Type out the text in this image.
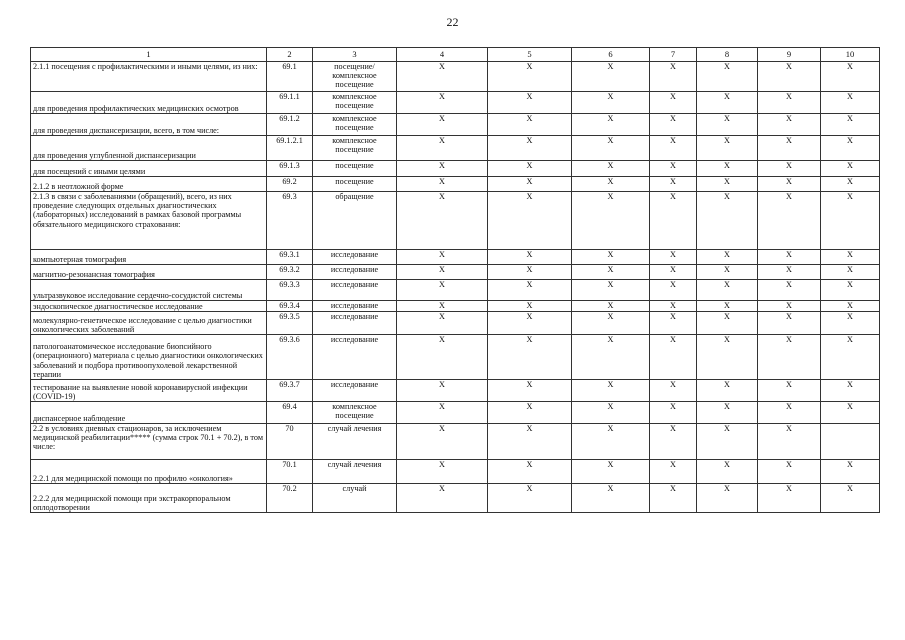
22
1	2	3	4	5	6	7	8	9	10
2.1.1 посещения с профилактическими и иными целями, из них:	69.1	посещение/ комплексное посещение	X	X	X	X	X	X	X
для проведения профилактических медицинских осмотров	69.1.1	комплексное посещение	X	X	X	X	X	X	X
для проведения диспансеризации, всего, в том числе:	69.1.2	комплексное посещение	X	X	X	X	X	X	X
для проведения углубленной диспансеризации	69.1.2.1	комплексное посещение	X	X	X	X	X	X	X
для посещений с иными целями	69.1.3	посещение	X	X	X	X	X	X	X
2.1.2 в неотложной форме	69.2	посещение	X	X	X	X	X	X	X
2.1.3 в связи с заболеваниями (обращений), всего, из них проведение следующих отдельных диагностических (лабораторных) исследований в рамках базовой программы обязательного медицинского страхования:	69.3	обращение	X	X	X	X	X	X	X
компьютерная томография	69.3.1	исследование	X	X	X	X	X	X	X
магнитно-резонансная томография	69.3.2	исследование	X	X	X	X	X	X	X
ультразвуковое исследование сердечно-сосудистой системы	69.3.3	исследование	X	X	X	X	X	X	X
эндоскопическое диагностическое исследование	69.3.4	исследование	X	X	X	X	X	X	X
молекулярно-генетическое исследование с целью диагностики онкологических заболеваний	69.3.5	исследование	X	X	X	X	X	X	X
патологоанатомическое исследование биопсийного (операционного) материала с целью диагностики онкологических заболеваний и подбора противоопухолевой лекарственной терапии	69.3.6	исследование	X	X	X	X	X	X	X
тестирование на выявление новой коронавирусной инфекции (COVID-19)	69.3.7	исследование	X	X	X	X	X	X	X
диспансерное наблюдение	69.4	комплексное посещение	X	X	X	X	X	X	X
2.2 в условиях дневных стационаров, за исключением медицинской реабилитации***** (сумма строк 70.1 + 70.2), в том числе:	70	случай лечения	X	X	X	X	X	X	
2.2.1 для медицинской помощи по профилю «онкология»	70.1	случай лечения	X	X	X	X	X	X	X
2.2.2 для медицинской помощи при экстракорпоральном оплодотворении	70.2	случай	X	X	X	X	X	X	X
